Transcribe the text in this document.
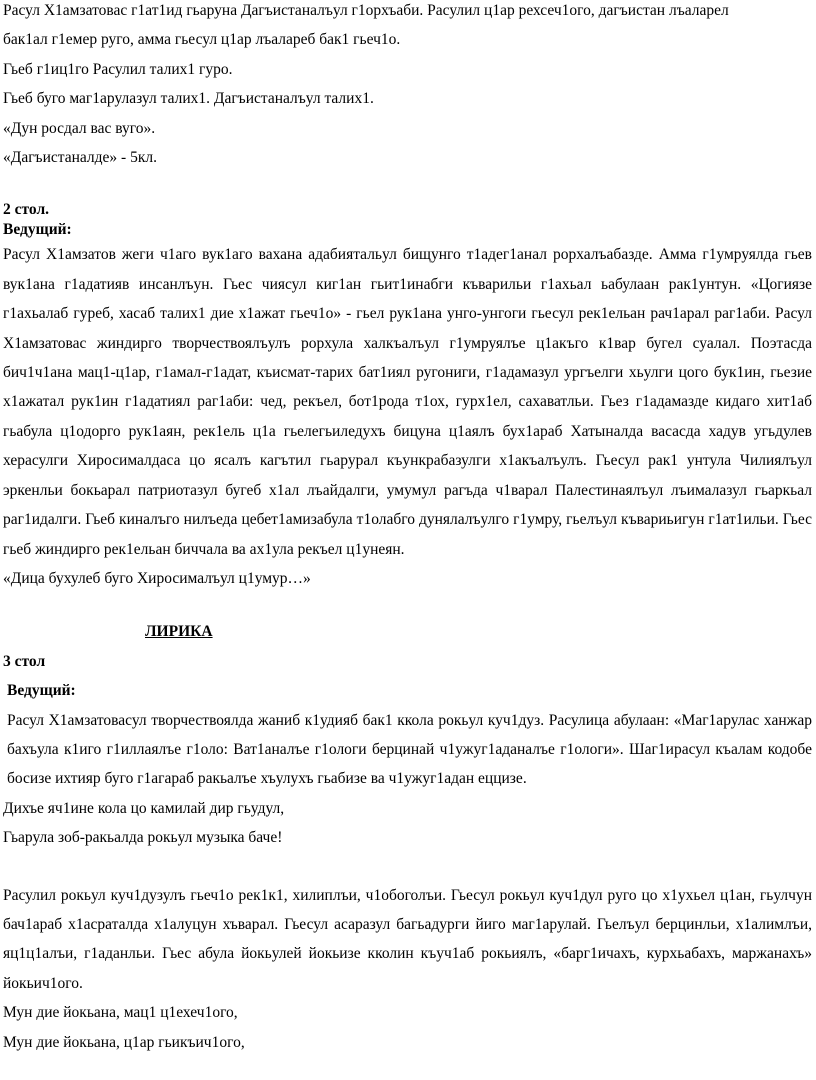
Расул Х1амзатовас г1ат1ид гьаруна Дагъистаналъул г1орхъаби. Расулил ц1ар рехсеч1ого, дагъистан лъаларел

бак1ал г1емер руго, амма гьесул ц1ар лъалареб бак1 гьеч1о.

Гьеб г1иц1го Расулил талих1 гуро.

Гьеб буго маг1арулазул талих1. Дагъистаналъул талих1.

«Дун росдал вас вуго».

«Дагъистаналде» - 5кл.

2 стол.

Ведущий:

Расул Х1амзатов жеги ч1аго вук1аго вахана адабиятальул бищунго т1адег1анал рорхалъабазде. Амма г1умруялда гьев вук1ана г1адатияв инсанлъун. Гьес чиясул киг1ан гьит1инабги къварильи г1ахьал ьабулаан рак1унтун. «Цогиязе г1ахьалаб гуреб, хасаб талих1 дие х1ажат гьеч1о» - гьел рук1ана унго-унгоги гьесул рек1ельан рач1арал раг1аби. Расул Х1амзатовас жиндирго творчествоялъулъ рорхула халкъалъул г1умруялъе ц1акъго к1вар бугел суалал. Поэтасда бич1ч1ана мац1-ц1ар, г1амал-г1адат, къисмат-тарих бат1иял ругониги, г1адамазул ургъелги хьулги цого бук1ин, гьезие х1ажатал рук1ин г1адатиял раг1аби: чед, рекъел, бот1рода т1ох, гурх1ел, сахаватльи. Гьез г1адамазде кидаго хит1аб гьабула ц1одорго рук1аян, рек1ель ц1а гьелегьиледухъ бицуна ц1аялъ бух1араб Хатыналда васасда хадув угьдулев херасулги Хиросималдаса цо ясалъ кагътил гьарурал къункрабазулги х1акъалъулъ. Гьесул рак1 унтула Чилиялъул эркенльи бокьарал патриотазул бугеб х1ал лъайдалги, умумул рагъда ч1варал Палестинаялъул лъималазул гьаркьал раг1идалги. Гьеб киналъго нилъеда цебет1амизабула т1олабго дунялалъулго г1умру, гьелъул къвариьигун г1ат1ильи. Гьес гьеб жиндирго рек1ельан биччала ва ах1ула рекъел ц1унеян.

«Дица бухулеб буго Хиросималъул ц1умур…»

ЛИРИКА

3 стол

Ведущий:

Расул Х1амзатовасул творчествоялда жаниб к1удияб бак1 ккола рокьул куч1дуз. Расулица абулаан: «Маг1арулас ханжар бахъула к1иго г1иллаялъе г1оло: Ват1аналъе г1ологи берцинай ч1ужуг1аданалъе г1ологи». Шаг1ирасул къалам кодобе босизе ихтияр буго г1агараб ракьалъе хъулухъ гьабизе ва ч1ужуг1адан еццизе.

Дихъе яч1ине кола цо камилай дир гьудул,

Гьарула зоб-ракьалда рокьул музыка баче!

Расулил рокьул куч1дузулъ гьеч1о рек1к1, хилиплъи, ч1обоголъи. Гьесул рокьул куч1дул руго цо х1ухьел ц1ан, гьулчун бач1араб х1асраталда х1алуцун хъварал. Гьесул асаразул багьадурги йиго маг1арулай. Гьелъул берцинльи, х1алимлъи, яц1ц1алъи, г1аданльи. Гьес абула йокьулей йокьизе кколин къуч1аб рокьиялъ, «барг1ичахъ, курхьабахъ, маржанахъ» йокьич1ого.

Мун дие йокьана, мац1 ц1ехеч1ого,

Мун дие йокьана, ц1ар гьикъич1ого,
